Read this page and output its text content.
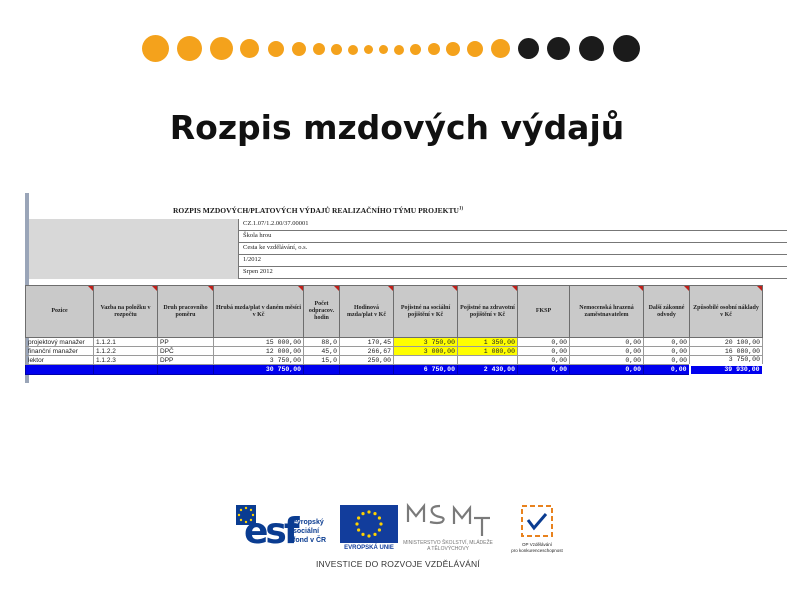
Rozpis mzdových výdajů
ROZPIS MZDOVÝCH/PLATOVÝCH VÝDAJŮ REALIZAČNÍHO TÝMU PROJEKTU$^{1)}$
CZ.1.07/1.2.00/37.00001
Škola hrou
Cesta ke vzdělávání, o.s.
1/2012
Srpen 2012
Pozice	Vazba na položku v rozpočtu	Druh pracovního poměru	Hrubá mzda/plat v daném měsíci v Kč	Počet odpracov. hodin	Hodinová mzda/plat v Kč	Pojistné na sociální pojištění v Kč	Pojistné na zdravotní pojištění v Kč	FKSP	Nemocenská hrazená zaměstnavatelem	Další zákonné odvody	Způsobilé osobní náklady v Kč
projektový manažer	1.1.2.1	PP	15 000,00	88,0	170,45	3 750,00	1 350,00	0,00	0,00	0,00	20 100,00
finanční manažer	1.1.2.2	DPČ	12 000,00	45,0	266,67	3 000,00	1 080,00	0,00	0,00	0,00	16 080,00
lektor	1.1.2.3	DPP	3 750,00	15,0	250,00			0,00	0,00	0,00	3 750,00
			30 750,00			6 750,00	2 430,00	0,00	0,00	0,00	39 930,00
esf
evropský
sociální
fond v ČR
EVROPSKÁ UNIE
MINISTERSTVO ŠKOLSTVÍ, MLÁDEŽE A TĚLOVÝCHOVY
OP Vzdělávání
pro konkurenceschopnost
INVESTICE DO ROZVOJE VZDĚLÁVÁNÍ
